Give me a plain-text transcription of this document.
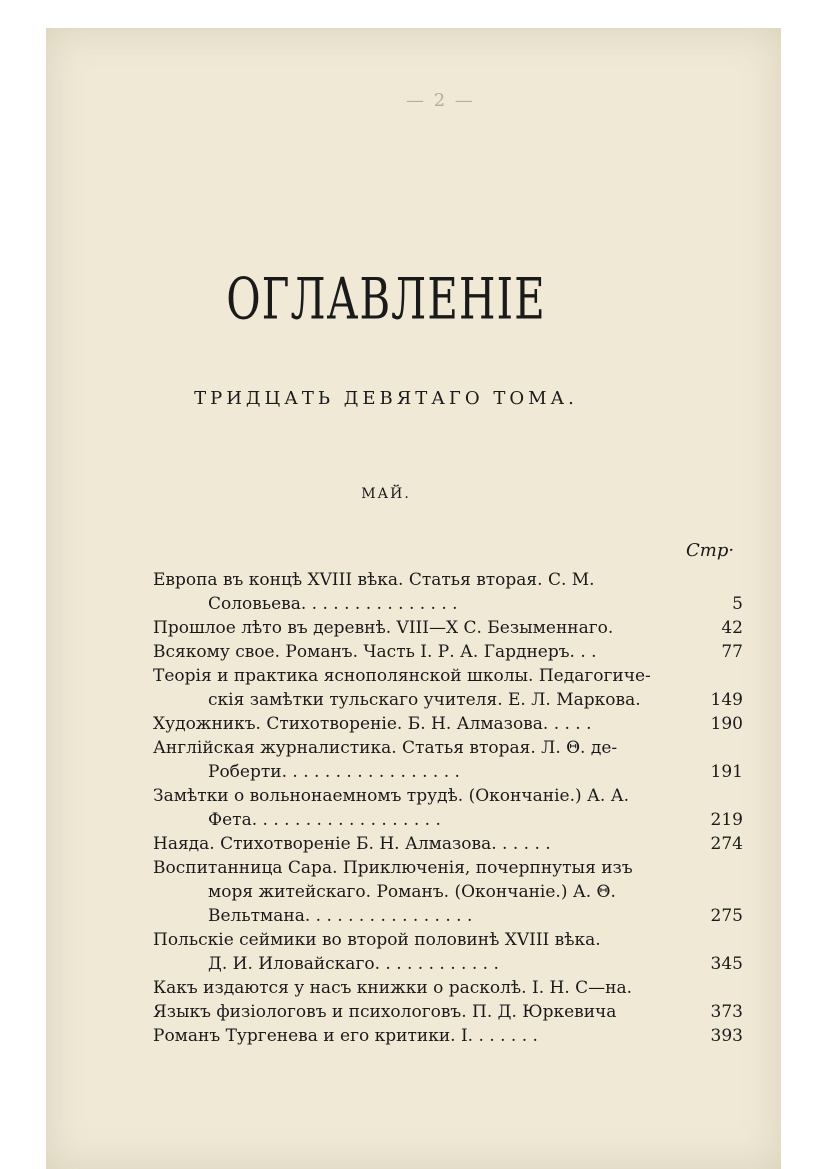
— 2 —
ОГЛАВЛЕНІЕ
ТРИДЦАТЬ ДЕВЯТАГО ТОМА.
МАЙ.
Стр·
Европа въ концѣ XVIII вѣка. Статья вторая. С. М.
Соловьева. . . . . . . . . . . . . . .	5
Прошлое лѣто въ деревнѣ. VIII—X С. Безыменнаго.	42
Всякому свое. Романъ. Часть I. Р. А. Гарднеръ. . .	77
Теорія и практика яснополянской школы. Педагогиче-
скія замѣтки тульскаго учителя. Е. Л. Маркова.	149
Художникъ. Стихотвореніе. Б. Н. Алмазова. . . . .	190
Англійская журналистика. Статья вторая. Л. Θ. де-
Роберти. . . . . . . . . . . . . . . . .	191
Замѣтки о вольнонаемномъ трудѣ. (Окончаніе.) А. А.
Фета. . . . . . . . . . . . . . . . . .	219
Наяда. Стихотвореніе Б. Н. Алмазова. . . . . .	274
Воспитанница Сара. Приключенія, почерпнутыя изъ
моря житейскаго. Романъ. (Окончаніе.) А. Θ.
Вельтмана. . . . . . . . . . . . . . . .	275
Польскіе сеймики во второй половинѣ XVIII вѣка.
Д. И. Иловайскаго. . . . . . . . . . . .	345
Какъ издаются у насъ книжки о расколѣ. I. Н. С—на.
Языкъ физіологовъ и психологовъ. П. Д. Юркевича	373
Романъ Тургенева и его критики. I. . . . . . .	393
